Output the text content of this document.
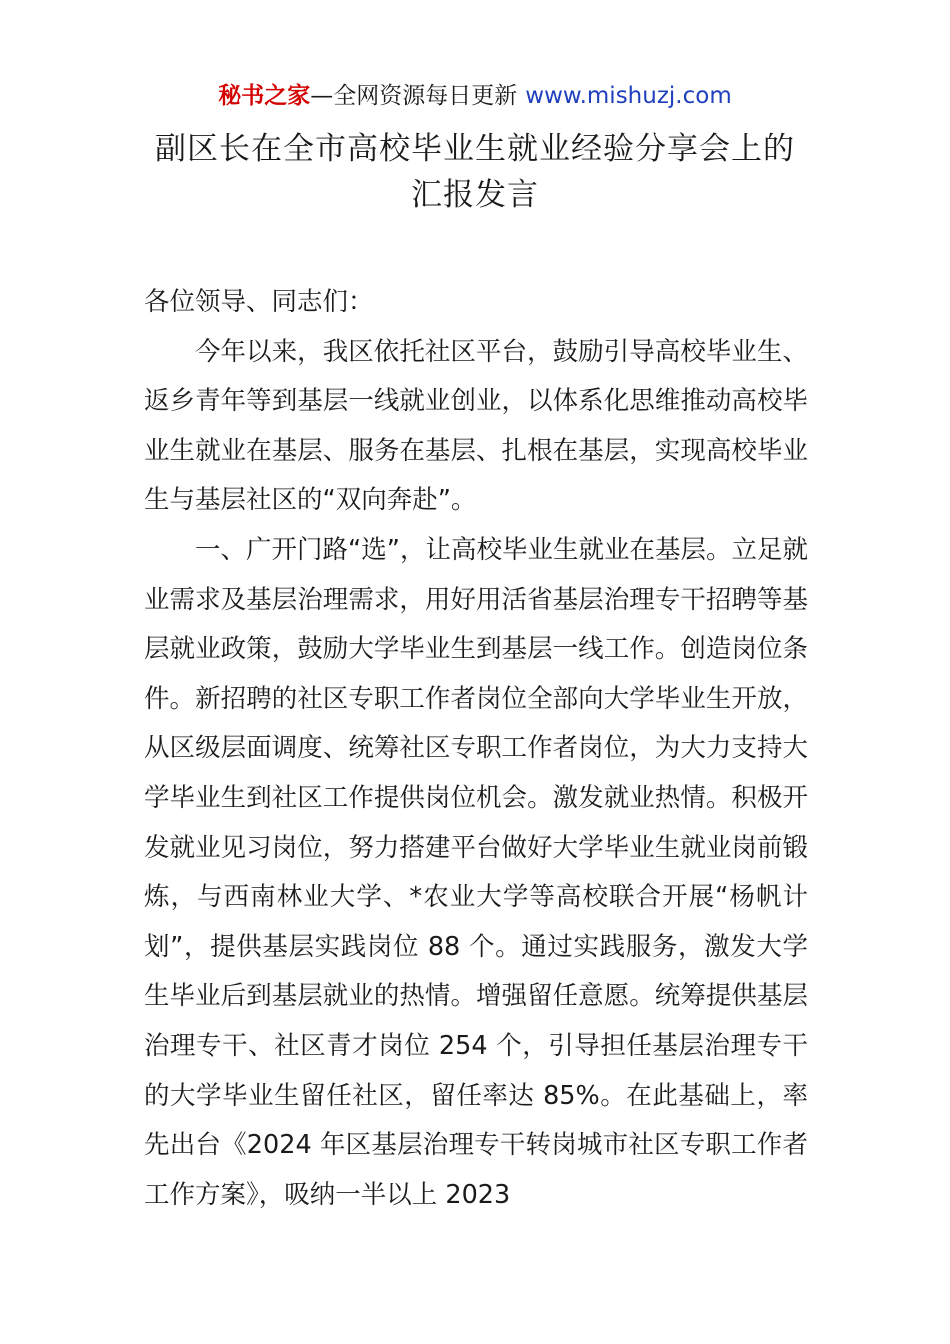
秘书之家—全网资源每日更新 www.mishuzj.com
副区长在全市高校毕业生就业经验分享会上的
汇报发言

各位领导、同志们：

今年以来，我区依托社区平台，鼓励引导高校毕业生、返乡青年等到基层一线就业创业，以体系化思维推动高校毕业生就业在基层、服务在基层、扎根在基层，实现高校毕业生与基层社区的“双向奔赴”。

一、广开门路“选”，让高校毕业生就业在基层。立足就业需求及基层治理需求，用好用活省基层治理专干招聘等基层就业政策，鼓励大学毕业生到基层一线工作。创造岗位条件。新招聘的社区专职工作者岗位全部向大学毕业生开放，从区级层面调度、统筹社区专职工作者岗位，为大力支持大学毕业生到社区工作提供岗位机会。激发就业热情。积极开发就业见习岗位，努力搭建平台做好大学毕业生就业岗前锻炼，与西南林业大学、*农业大学等高校联合开展“杨帆计划”，提供基层实践岗位 88 个。通过实践服务，激发大学生毕业后到基层就业的热情。增强留任意愿。统筹提供基层治理专干、社区青才岗位 254 个，引导担任基层治理专干的大学毕业生留任社区，留任率达 85%。在此基础上，率先出台《2024 年区基层治理专干转岗城市社区专职工作者工作方案》，吸纳一半以上 2023
